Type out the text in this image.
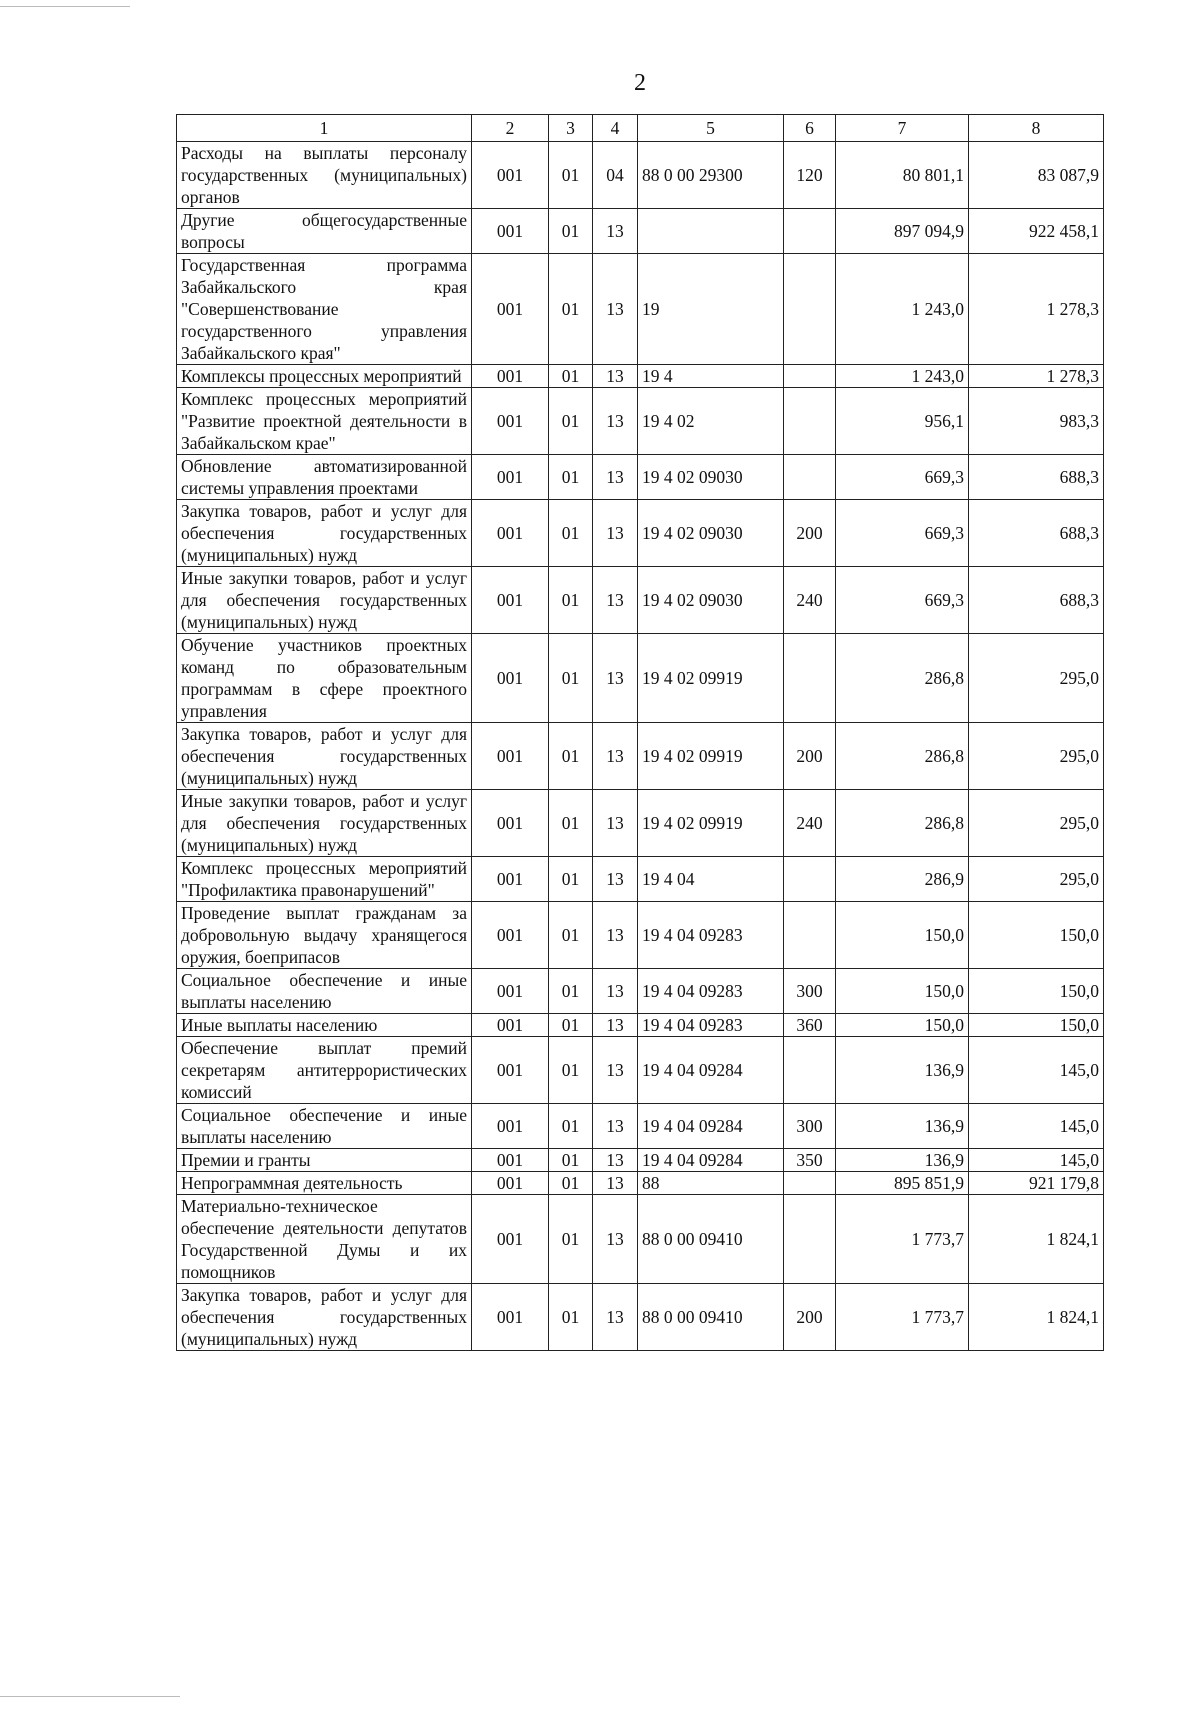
2
1	2	3	4	5	6	7	8
Расходы на выплаты персоналу государственных (муниципальных) органов	001	01	04	88 0 00 29300	120	80 801,1	83 087,9
Другие общегосударственные вопросы	001	01	13			897 094,9	922 458,1
Государственная программа Забайкальского края "Совершенствование государственного управления Забайкальского края"	001	01	13	19		1 243,0	1 278,3
Комплексы процессных мероприятий	001	01	13	19 4		1 243,0	1 278,3
Комплекс процессных мероприятий "Развитие проектной деятельности в Забайкальском крае"	001	01	13	19 4 02		956,1	983,3
Обновление автоматизированной системы управления проектами	001	01	13	19 4 02 09030		669,3	688,3
Закупка товаров, работ и услуг для обеспечения государственных (муниципальных) нужд	001	01	13	19 4 02 09030	200	669,3	688,3
Иные закупки товаров, работ и услуг для обеспечения государственных (муниципальных) нужд	001	01	13	19 4 02 09030	240	669,3	688,3
Обучение участников проектных команд по образовательным программам в сфере проектного управления	001	01	13	19 4 02 09919		286,8	295,0
Закупка товаров, работ и услуг для обеспечения государственных (муниципальных) нужд	001	01	13	19 4 02 09919	200	286,8	295,0
Иные закупки товаров, работ и услуг для обеспечения государственных (муниципальных) нужд	001	01	13	19 4 02 09919	240	286,8	295,0
Комплекс процессных мероприятий "Профилактика правонарушений"	001	01	13	19 4 04		286,9	295,0
Проведение выплат гражданам за добровольную выдачу хранящегося оружия, боеприпасов	001	01	13	19 4 04 09283		150,0	150,0
Социальное обеспечение и иные выплаты населению	001	01	13	19 4 04 09283	300	150,0	150,0
Иные выплаты населению	001	01	13	19 4 04 09283	360	150,0	150,0
Обеспечение выплат премий секретарям антитеррористических комиссий	001	01	13	19 4 04 09284		136,9	145,0
Социальное обеспечение и иные выплаты населению	001	01	13	19 4 04 09284	300	136,9	145,0
Премии и гранты	001	01	13	19 4 04 09284	350	136,9	145,0
Непрограммная деятельность	001	01	13	88		895 851,9	921 179,8
Материально-техническое обеспечение деятельности депутатов Государственной Думы и их помощников	001	01	13	88 0 00 09410		1 773,7	1 824,1
Закупка товаров, работ и услуг для обеспечения государственных (муниципальных) нужд	001	01	13	88 0 00 09410	200	1 773,7	1 824,1
